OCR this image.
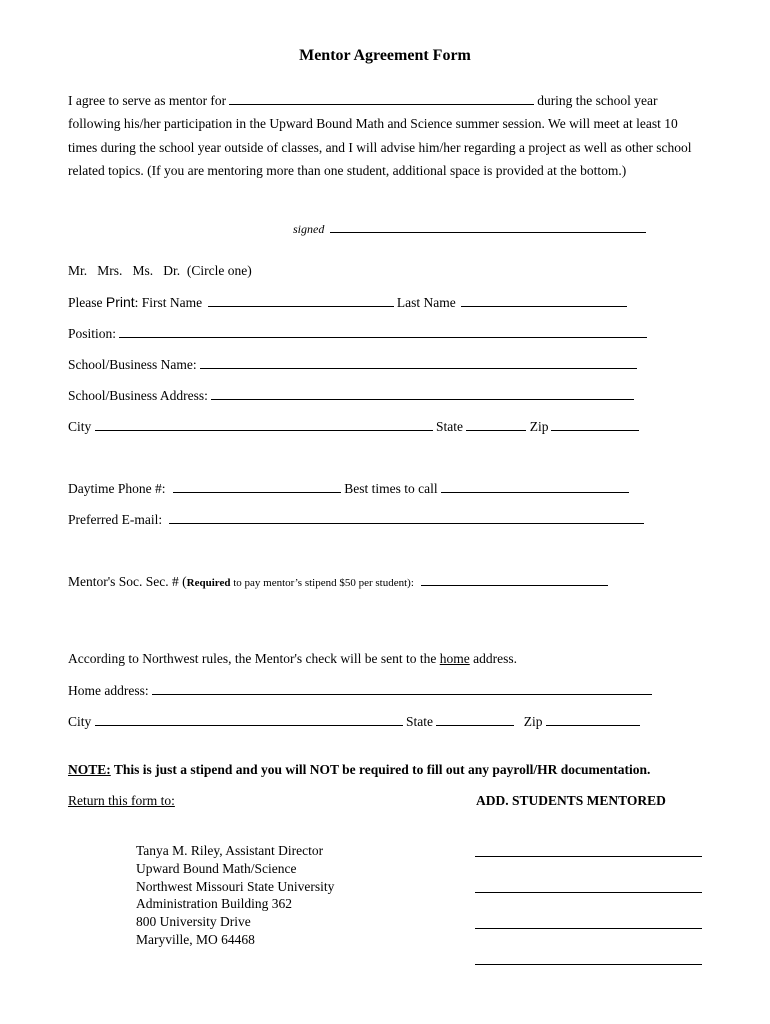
Mentor Agreement Form
I agree to serve as mentor for	during the school year following his/her participation in the Upward Bound Math and Science summer session. We will meet at least 10 times during the school year outside of classes, and I will advise him/her regarding a project as well as other school related topics. (If you are mentoring more than one student, additional space is provided at the bottom.)
signed
Mr.   Mrs.   Ms.   Dr.  (Circle one)
Please Print: First Name	Last Name
Position:
School/Business Name:
School/Business Address:
City	State	Zip
Daytime Phone #:	Best times to call
Preferred E-mail:
Mentor's Soc. Sec. # (Required to pay mentor’s stipend $50 per student):
According to Northwest rules, the Mentor's check will be sent to the home address.
Home address:
City	State	Zip
NOTE: This is just a stipend and you will NOT be required to fill out any payroll/HR documentation.
Return this form to:	ADD. STUDENTS MENTORED
Tanya M. Riley, Assistant Director
Upward Bound Math/Science
Northwest Missouri State University
Administration Building 362
800 University Drive
Maryville, MO 64468
